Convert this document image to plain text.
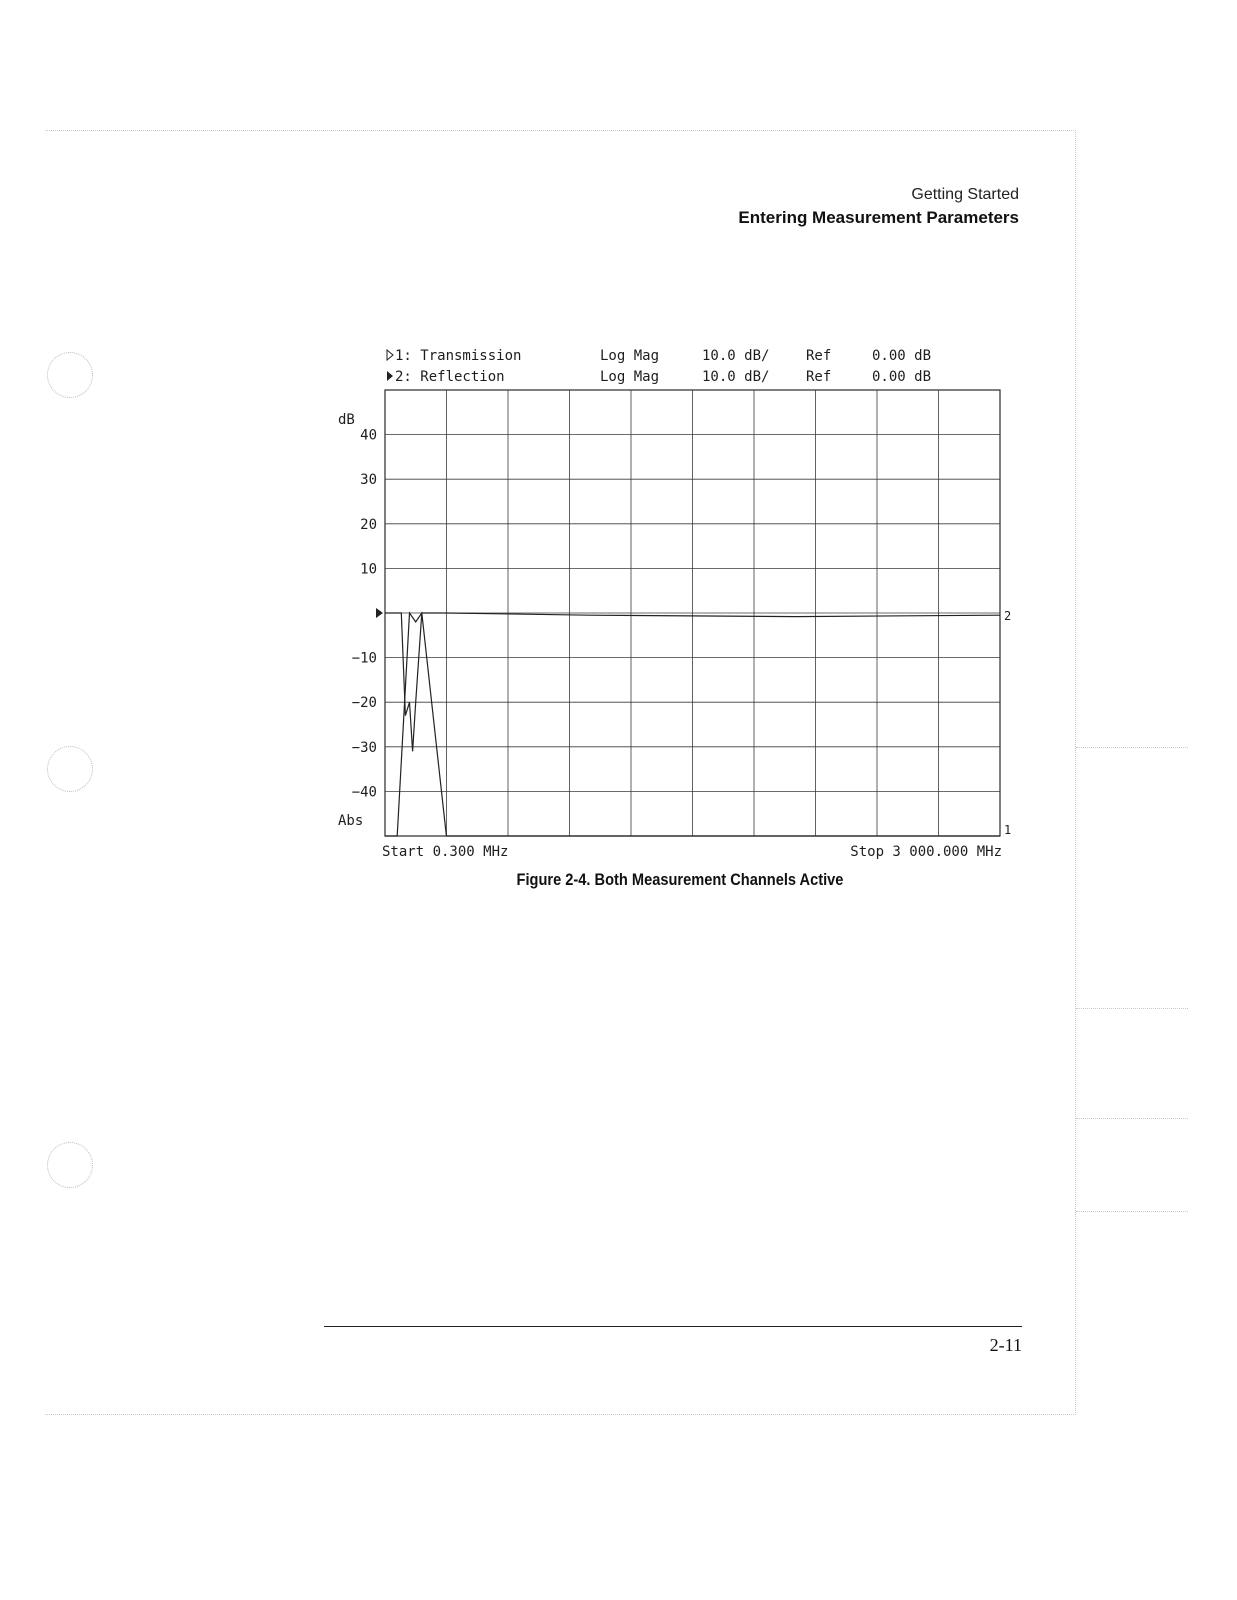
Getting Started
Entering Measurement Parameters
1: Transmission	Log Mag	10.0 dB/	Ref	0.00 dB
2: Reflection	Log Mag	10.0 dB/	Ref	0.00 dB
dB
40
30
20
10
−10
−20
−30
−40
Abs
Start 0.300 MHz	Stop 3 000.000 MHz
1
2
Figure 2-4. Both Measurement Channels Active
2-11
